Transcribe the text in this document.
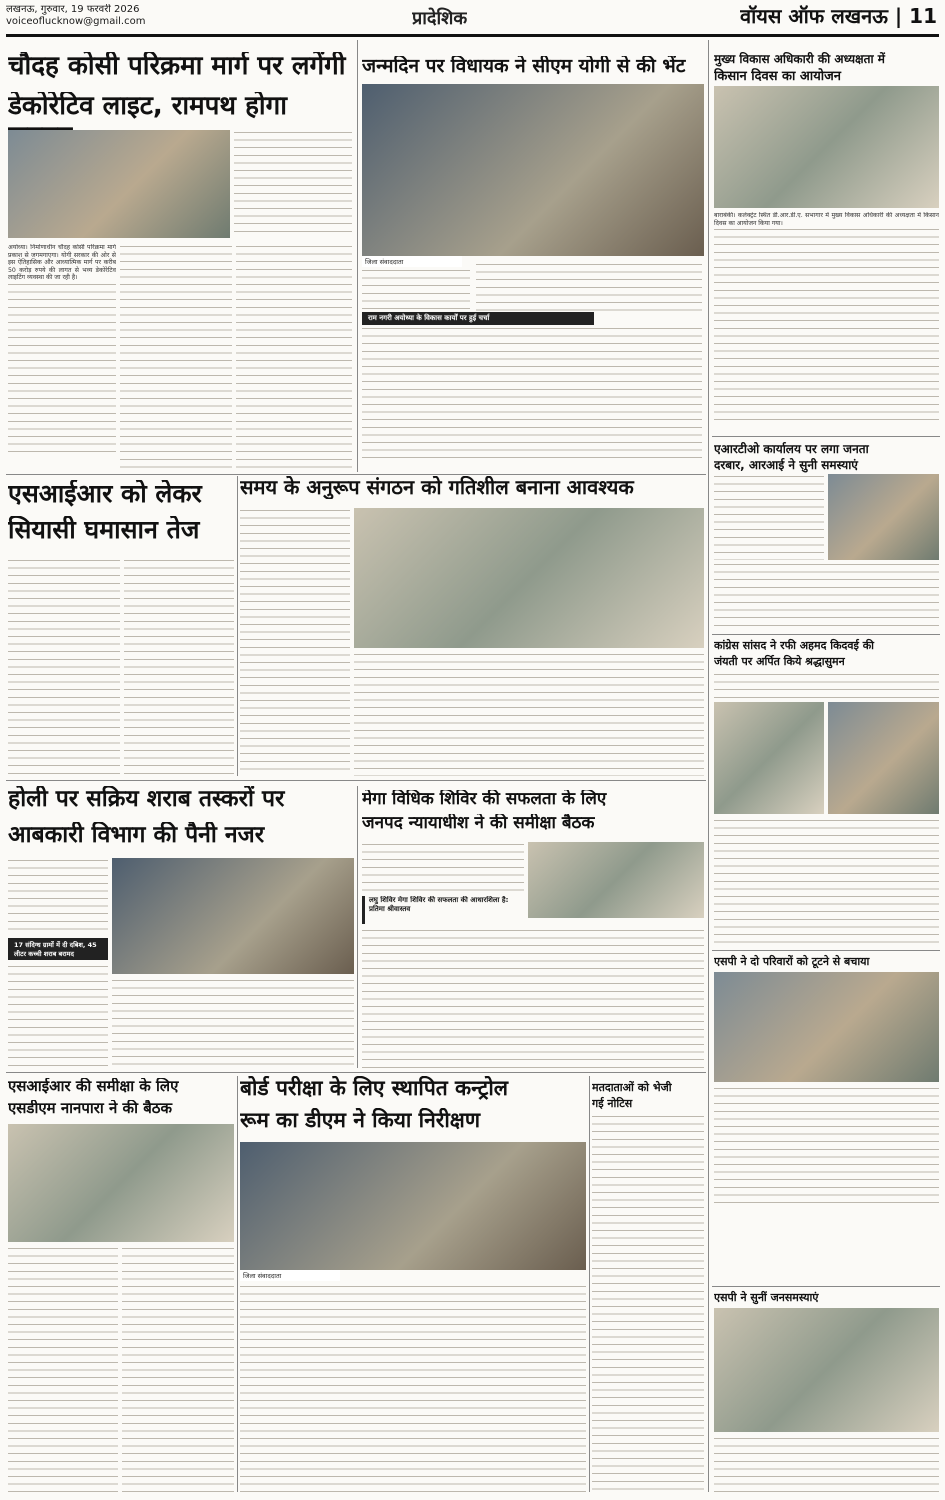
लखनऊ, गुरुवार, 19 फरवरी 2026
voiceoflucknow@gmail.com	प्रादेशिक	वॉयस ऑफ लखनऊ | 11
चौदह कोसी परिक्रमा मार्ग पर लगेंगी
डेकोरेटिव लाइट, रामपथ होगा
अयोध्या। निर्माणाधीन चौदह कोसी परिक्रमा मार्ग प्रकाश से जगमगाएगा। योगी सरकार की ओर से इस ऐतिहासिक और आध्यात्मिक मार्ग पर करीब 50 करोड़ रुपये की लागत से भव्य डेकोरेटिव लाइटिंग व्यवस्था की जा रही है।
जन्मदिन पर विधायक ने सीएम योगी से की भेंट
जिला संवाददाता
राम नगरी अयोध्या के विकास कार्यों पर हुई चर्चा
मुख्य विकास अधिकारी की अध्यक्षता में
किसान दिवस का आयोजन
बाराबंकी। कलेक्ट्रेट स्थित डी.आर.डी.ए. सभागार में मुख्य विकास अधिकारी की अध्यक्षता में किसान दिवस का आयोजन किया गया।
एआरटीओ कार्यालय पर लगा जनता
दरबार, आरआई ने सुनी समस्याएं
कांग्रेस सांसद ने रफी अहमद किदवई की
जंयती पर अर्पित किये श्रद्धासुमन
एसआईआर को लेकर
सियासी घमासान तेज
समय के अनुरूप संगठन को गतिशील बनाना आवश्यक
होली पर सक्रिय शराब तस्करों पर
आबकारी विभाग की पैनी नजर
17 संदिग्ध ग्रामों में दी दबिश, 45 लीटर कच्ची शराब बरामद
मेगा विधिक शिविर की सफलता के लिए
जनपद न्यायाधीश ने की समीक्षा बैठक
लघु शिविर मेगा शिविर की सफलता की आधारशिला है: प्रतिमा श्रीवास्तव
एसपी ने दो परिवारों को टूटने से बचाया
एसआईआर की समीक्षा के लिए
एसडीएम नानपारा ने की बैठक
बोर्ड परीक्षा के लिए स्थापित कन्ट्रोल
रूम का डीएम ने किया निरीक्षण
जिला संवाददाता
मतदाताओं को भेजी
गई नोटिस
एसपी ने सुनीं जनसमस्याएं
